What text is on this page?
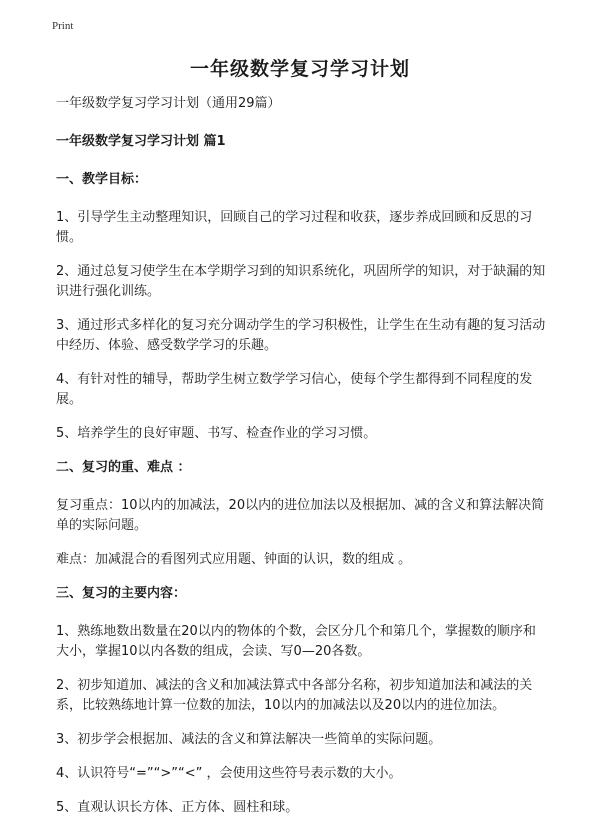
Print
一年级数学复习学习计划

一年级数学复习学习计划（通用29篇）

一年级数学复习学习计划 篇1

一、教学目标：

1、引导学生主动整理知识，回顾自己的学习过程和收获，逐步养成回顾和反思的习惯。

2、通过总复习使学生在本学期学习到的知识系统化，巩固所学的知识，对于缺漏的知识进行强化训练。

3、通过形式多样化的复习充分调动学生的学习积极性，让学生在生动有趣的复习活动中经历、体验、感受数学学习的乐趣。

4、有针对性的辅导，帮助学生树立数学学习信心，使每个学生都得到不同程度的发展。

5、培养学生的良好审题、书写、检查作业的学习习惯。

二、复习的重、难点 ：

复习重点：10以内的加减法，20以内的进位加法以及根据加、减的含义和算法解决简单的实际问题。

难点：加减混合的看图列式应用题、钟面的认识，数的组成 。

三、复习的主要内容：

1、熟练地数出数量在20以内的物体的个数，会区分几个和第几个，掌握数的顺序和大小，掌握10以内各数的组成，会读、写0—20各数。

2、初步知道加、减法的含义和加减法算式中各部分名称，初步知道加法和减法的关系，比较熟练地计算一位数的加法，10以内的加减法以及20以内的进位加法。

3、初步学会根据加、减法的含义和算法解决一些简单的实际问题。

4、认识符号“=”“>”“<” ，会使用这些符号表示数的大小。

5、直观认识长方体、正方体、圆柱和球。
